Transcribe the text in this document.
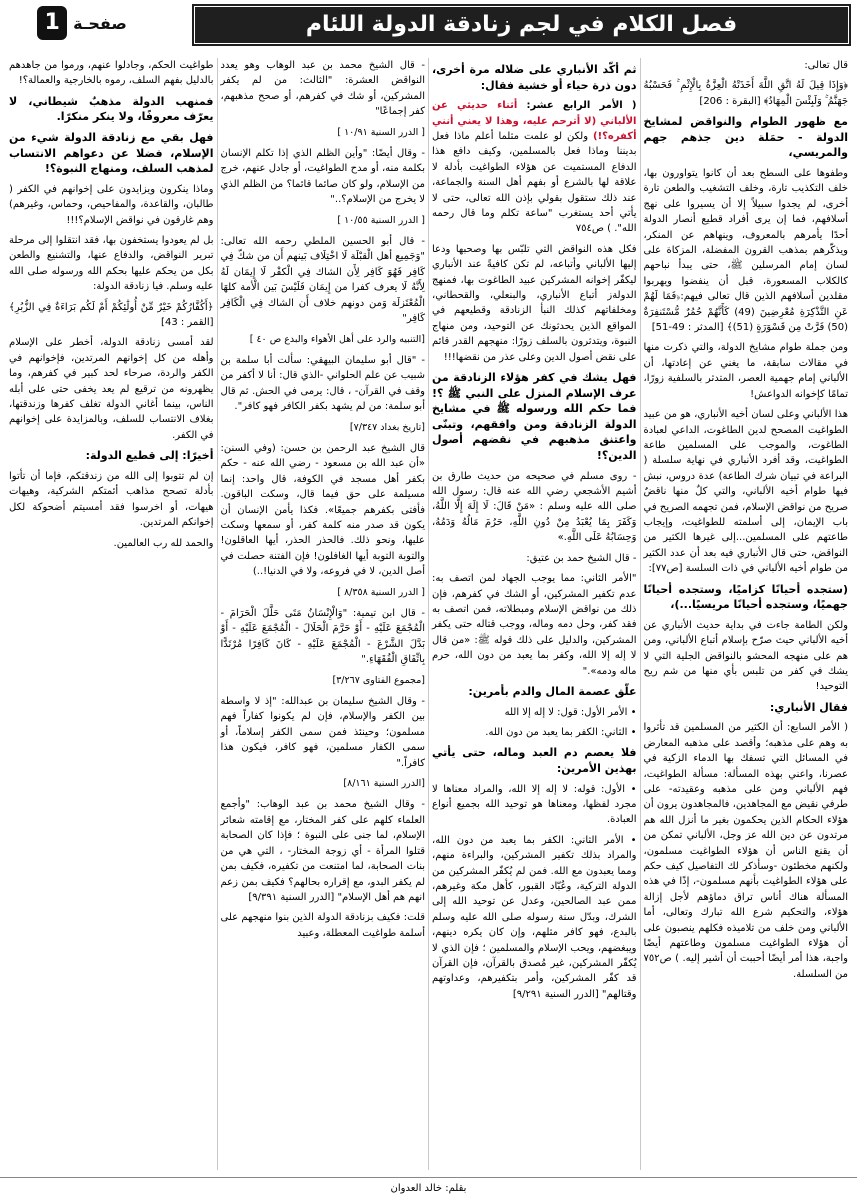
فصل الكلام في لجم زنادقة الدولة اللئام
صفحـة
1

قال تعالى:

﴿وَإِذَا قِيلَ لَهُ اتَّقِ اللَّهَ أَخَذَتْهُ الْعِزَّةُ بِالْإِثْمِ ۚ فَحَسْبُهُ جَهَنَّمُ ۚ وَلَبِئْسَ الْمِهَادُ﴾ [البقرة : 206]

مع ظهور الطوام والنواقض لمشايخ الدولة - حمَلة دين جذهم جهم والمريسي،

وطفوها على السطح بعد أن كانوا يتواورون بها، خلف التكذيب تارة، وخلف التشغيب والطعن تارة أخرى، لم يجدوا سبيلاً إلا أن يسيروا على نهج أسلافهم، فما إن يرى أفراد قطيع أنصار الدولة أحدًا يأمرهم بالمعروف، وينهاهم عن المنكر، ويذكّرهم بمذهب القرون المفضلة، المزكاة على لسان إمام المرسلين ﷺ، حتى يبدأ نباحهم كالكلاب المسعورة، قبل أن ينفضوا ويهربوا مقلدين أسلافهم الذين قال تعالى فيهم:﴿فَمَا لَهُمْ عَنِ التَّذْكِرَةِ مُعْرِضِينَ (49) كَأَنَّهُمْ حُمُرٌ مُّسْتَنفِرَةٌ (50) فَرَّتْ مِن قَسْوَرَةٍ (51)﴾ [المدثر : 49-51]

ومن جملة طوام مشايخ الدولة، والتي ذكرت منها في مقالات سابقة، ما يغني عن إعادتها، أن الألباني إمام جهمية العصر، المتدثر بالسلفية زورًا، تمامًا كإخوانه الدواعش!

هذا الألباني وعلى لسان أخيه الأنباري، هو من عبيد الطواغيت المصحح لدين الطاغوت، الداعي لعبادة الطاغوت، والموجب على المسلمين طاعة الطواغيت، وقد أفرد الأنباري في نهاية سلسلة ( البراعة في تبيان شرك الطاعة) عدة دروس، نبش فيها طوام أخيه الألباني، والتي كلٌ منها ناقضٌ صريح من نواقض الإسلام، فمن تجهمه الصريح في باب الإيمان، إلى أسلمته للطواغيت، وإيجاب طاعتهم على المسلمين...إلى غيرها الكثير من النواقض، حتى قال الأنباري فيه بعد أن عدد الكثير من طوام أخيه الألباني في ذات السلسة [ص٧٧]:

(ستجده أحيانًا كزاميًا، وستجده أحيانًا جهميًا، وستجده أحيانًا مريسيًا...)،

ولكن الطامة جاءت في بداية حديث الأنباري عن أخيه الألباني حيث صرّح بإسلام أتباع الألباني، ومن هم على منهجه المحشو بالنواقض الجلية التي لا يشك في كفر من تلبس بأي منها من شم ريح التوحيد!

فقال الأنباري:

( الأمر السابع: أن الكثير من المسلمين قد تأثروا به وهم على مذهبه؛ وأقصد على مذهبه المعارض في المسائل التي تسفك بها الدماء الزكية في عصرنا، واعني بهذه المسألة: مسألة الطواغيت، فهم الألباني ومن على مذهبه وعقيدته- على طرفي نقيض مع المجاهدين، فالمجاهدون يرون أن هؤلاء الحكام الذين يحكمون بغير ما أنزل الله هم مرتدون عن دين الله عز وجل، الألباني تمكن من أن يقنع الناس أن هؤلاء الطواغيت مسلمون، ولكنهم مخطئون -وسأذكر لك التفاصيل كيف حكم على هؤلاء الطواغيت بأنهم مسلمون-، إذًا في هذه المسألة هناك أناس تراق دماؤهم لأجل إزالة هؤلاء، والتحكيم شرع الله تبارك وتعالى، أما الألباني ومن خلف من تلاميذه فكلهم ينصبون على أن هؤلاء الطواغيت مسلمون وطاعتهم أيضًا واجبة، هذا أمر أيضًا أحببت أن أشير إليه. ) ص٧٥٢ من السلسلة.

ثم أكّد الأنباري على ضلاله مرة أخرى، دون ذرة حياء أو خشية فقال:

( الأمر الرابع عشر: أثناء حديثي عن الألباني (لا أترحم عليه، وهذا لا يعني أنني أكفره؟!) ولكن لو علمت مثلما أعلم ماذا فعل بديننا وماذا فعل بالمسلمين، وكيف دافع هذا الدفاع المستميت عن هؤلاء الطواغيت بأدلة لا علاقة لها بالشرع أو بفهم أهل السنة والجماعة، عند ذلك ستقول بقولي بإذن الله تعالى، حتى لا يأتي أحد يستغرب "ساعة تكلم وما قال رحمه الله". ) ص٧٥٤

فكل هذه النواقض التي تلبّس بها وصحبها ودعا إليها الألباني وأتباعه، لم تكن كافيةً عند الأنباري ليكفّر إخوانه المشركين عبيد الطاغوت بها، فمنهج الدولةز أتباع الأنباري، والبنعلي، والقحطاني، ومخلفاتهم كذلك النبأ الزنادقة وقطيعهم في المواقع الذين يحدثونك عن التوحيد، ومن منهاج النبوة، ويتدثرون بالسلف زورًا: منهجهم القدر قائم على نقض أصول الدين وعلى عذر من نقضها!!!

فهل يشك في كفر هؤلاء الزنادقة من عرف الإسلام المنزل على النبي ﷺ ؟! فما حكم الله ورسوله ﷺ في مشايخ الدولة الزنادقة ومن وافقهم، وتبنّى واعتنق مذهبهم في نقضهم أصول الدين؟!

- روى مسلم في صحيحه من حديث طارق بن أشيم الأشجعي رضي الله عنه قال: رسول الله صلى الله عليه وسلم : «مَنْ قَالَ: لَا إِلَهَ إِلَّا اللَّهُ، وَكَفَرَ بِمَا يُعْبَدُ مِنْ دُونِ اللَّهِ، حَرُمَ مَالُهُ وَدَمُهُ، وَحِسَابُهُ عَلَى اللَّهِ.»

- قال الشيخ حمد بن عتيق:

"الأمر الثاني: مما يوجب الجهاد لمن اتصف به: عدم تكفير المشركين، أو الشك في كفرهم، فإن ذلك من نواقض الإسلام ومبطلاته، فمن اتصف به فقد كفر، وحل دمه وماله، ووجب قتاله حتى يكفر المشركين، والدليل على ذلك قوله ﷺ: «من قال لا إله إلا الله، وكفر بما يعبد من دون الله، حرم ماله ودمه»."

علّق عصمة المال والدم بأمرين:

• الأمر الأول: قول: لا إله إلا الله

• الثاني: الكفر بما يعبد من دون الله.

فلا يعصم دم العبد وماله، حتى يأتي بهذين الأمرين:

• الأول: قوله: لا إله إلا الله، والمراد معناها لا مجرد لفظها، ومعناها هو توحيد الله بجميع أنواع العبادة.

• الأمر الثاني: الكفر بما يعبد من دون الله، والمراد بذلك تكفير المشركين، والبراءة منهم، ومما يعبدون مع الله. فمن لم يُكفّر المشركين من الدولة التركية، وعُبّاد القبور، كأهل مكة وغيرهم، ممن عبد الصالحين، وعدل عن توحيد الله إلى الشرك، وبدّل سنة رسوله صلى الله عليه وسلم بالبدع، فهو كافر مثلهم، وإن كان يكره دينهم، ويبغضهم، ويحب الإسلام والمسلمين ؛ فإن الذي لا يُكفّر المشركين، غير مُصدق بالقرآن، فإن القرآن قد كفّر المشركين، وأمر بتكفيرهم، وعداوتهم وقتالهم" [الدرر السنية ٩/٢٩١]

- قال الشيخ محمد بن عبد الوهاب وهو يعدد النواقض العشرة: "الثالث: من لم يكفر المشركين، أو شك في كفرهم، أو صحح مذهبهم، كفر إجماعًا"

[ الدرر السنية ١٠/٩١ ]

- وقال أيضًا: "وأين الظلم الذي إذا تكلم الإنسان بكلمة منه، أو مدح الطواغيت، أو جادل عنهم، خرج من الإسلام، ولو كان صائما قائما؟ من الظلم الذي لا يخرج من الإسلام؟.."

[ الدرر السنية ١٠/٥٥ ]

- قال أبو الحسين الملطي رحمه الله تعالى: "وَجَمِيع أهل الْقبْلَة لَا اخْتِلَاف بَينهم أَن من شكّ فِي كَافِر فَهُوَ كَافِر لِأَن الشاك فِي الْكفْر لَا إِيمَان لَهُ لِأَنَّهُ لَا يعرف كفرا من إِيمَان فَلَيْسَ بَين الْأمة كلهَا الْمُعْتَزلَة وَمن دونهم خلاف أَن الشاك فِي الْكَافِر كَافِر"

[التنبيه والرد على أهل الأهواء والبدع ص ٤٠ ]

- "قال أبو سليمان البيهقي: سألت أبا سلمة بن شبيب عن علم الحلواني -الذي قال: أنا لا أكفر من وقف في القرآن- ، قال: يرمى في الحش. ثم قال أبو سلمة: من لم يشهد بكفر الكافر فهو كافر".

[تاريخ بغداد ٧/٣٤٧]

قال الشيخ عبد الرحمن بن حسن: (وفي السنن: «أن عبد الله بن مسعود - رضي الله عنه - حكم بكفر أهل مسجد في الكوفة، قال واحد: إنما مسيلمة على حق فيما قال، وسكت الباقون. فأفتى بكفرهم جميعًا». فكذا يأمن الإنسان أن يكون قد صدر منه كلمة كفر، أو سمعها وسكت عليها، ونحو ذلك. فالحذر الحذر، أيها العاقلون! والتوبة التوبة أيها الغافلون! فإن الفتنة حصلت في أصل الدين، لا في فروعه، ولا في الدنيا!..)

[ الدرر السنية ٨/٣٥٨ ]

- قال ابن تيمية: "وَالْإِنْسَانُ مَتَى حَلَّلَ الْحَرَامَ - الْمُجْمَعَ عَلَيْهِ - أَوْ حَرَّمَ الْحَلَالَ - الْمُجْمَعَ عَلَيْهِ - أَوْ بَدَّلَ الشَّرْعَ - الْمُجْمَعَ عَلَيْهِ - كَانَ كَافِرًا مُرْتَدًّا بِاتِّفَاقِ الْفُقَهَاءِ."

[مجموع الفتاوى ٣/٢٦٧]

- وقال الشيخ سليمان بن عبدالله: "إذ لا واسطة بين الكفر والإسلام، فإن لم يكونوا كفاراً فهم مسلمون؛ وحينئذ فمن سمى الكفر إسلاماً، أو سمى الكفار مسلمين، فهو كافر، فيكون هذا كافراً."

[الدرر السنية ٨/١٦١]

- وقال الشيخ محمد بن عبد الوهاب: "وأجمع العلماء كلهم على كفر المختار، مع إقامته شعائر الإسلام، لما جنى على النبوة ؛ فإذا كان الصحابة قتلوا المرأة - أي زوجة المختار- ، التي هي من بنات الصحابة، لما امتنعت من تكفيره، فكيف بمن لم يكفر البدو، مع إقراره بحالهم؟ فكيف بمن زعم انهم هم أهل الإسلام" [الدرر السنية ٩/٣٩١]

قلت: فكيف بزنادقة الدولة الذين بنوا منهجهم على أسلمة طواغيت المعطلة، وعبيد

طواغيت الحكم، وجادلوا عنهم، ورموا من جاهدهم بالدليل بفهم السلف، رموه بالخارجية والعمالة؟!

فمنهب الدولة مذهبٌ شيطاني، لا يعرّف معروفًا، ولا ينكر منكرًا.

فهل بقي مع زنادقة الدولة شيء من الإسلام، فضلا عن دعواهم الانتساب لمذهب السلف، ومنهاج النبوة؟!

وماذا ينكرون ويزايدون على إخوانهم في الكفر ( طالبان، والقاعدة، والمفاحيص، وحماس، وغيرهم) وهم غارقون في نواقض الإسلام؟!!!

بل لم يعودوا يستخفون بها، فقد انتقلوا إلى مرحلة تبرير النواقض، والدفاع عنها، والتشنيع والطعن بكل من يحكم عليها بحكم الله ورسوله صلى الله عليه وسلم. فيا زنادقة الدولة:

﴿أَكُفَّارُكُمْ خَيْرٌ مِّنْ أُولَٰئِكُمْ أَمْ لَكُم بَرَاءَةٌ فِي الزُّبُرِ﴾ [القمر : 43]

لقد أمسى زنادقة الدولة، أخطر على الإسلام وأهله من كل إخوانهم المرتدين، فإخوانهم في الكفر والردة، صرحاء لحد كبير في كفرهم، وما يظهرونه من ترقيع لم يعد يخفى حتى على أبله الناس، بينما أغاني الدولة تغلف كفرها وزندقتها، بغلاف الانتساب للسلف، وبالمزايدة على إخوانهم في الكفر.

أخيرًا: إلى قطيع الدولة:

إن لم تتوبوا إلى الله من زندقتكم، فإما أن تأتوا بأدلة تصحح مذاهب أئمتكم الشركية، وهيهات هيهات، أو اخرسوا فقد أمسيتم أضحوكة لكل إخوانكم المرتدين.

والحمد لله رب العالمين.

بقلم: خالد العدوان
